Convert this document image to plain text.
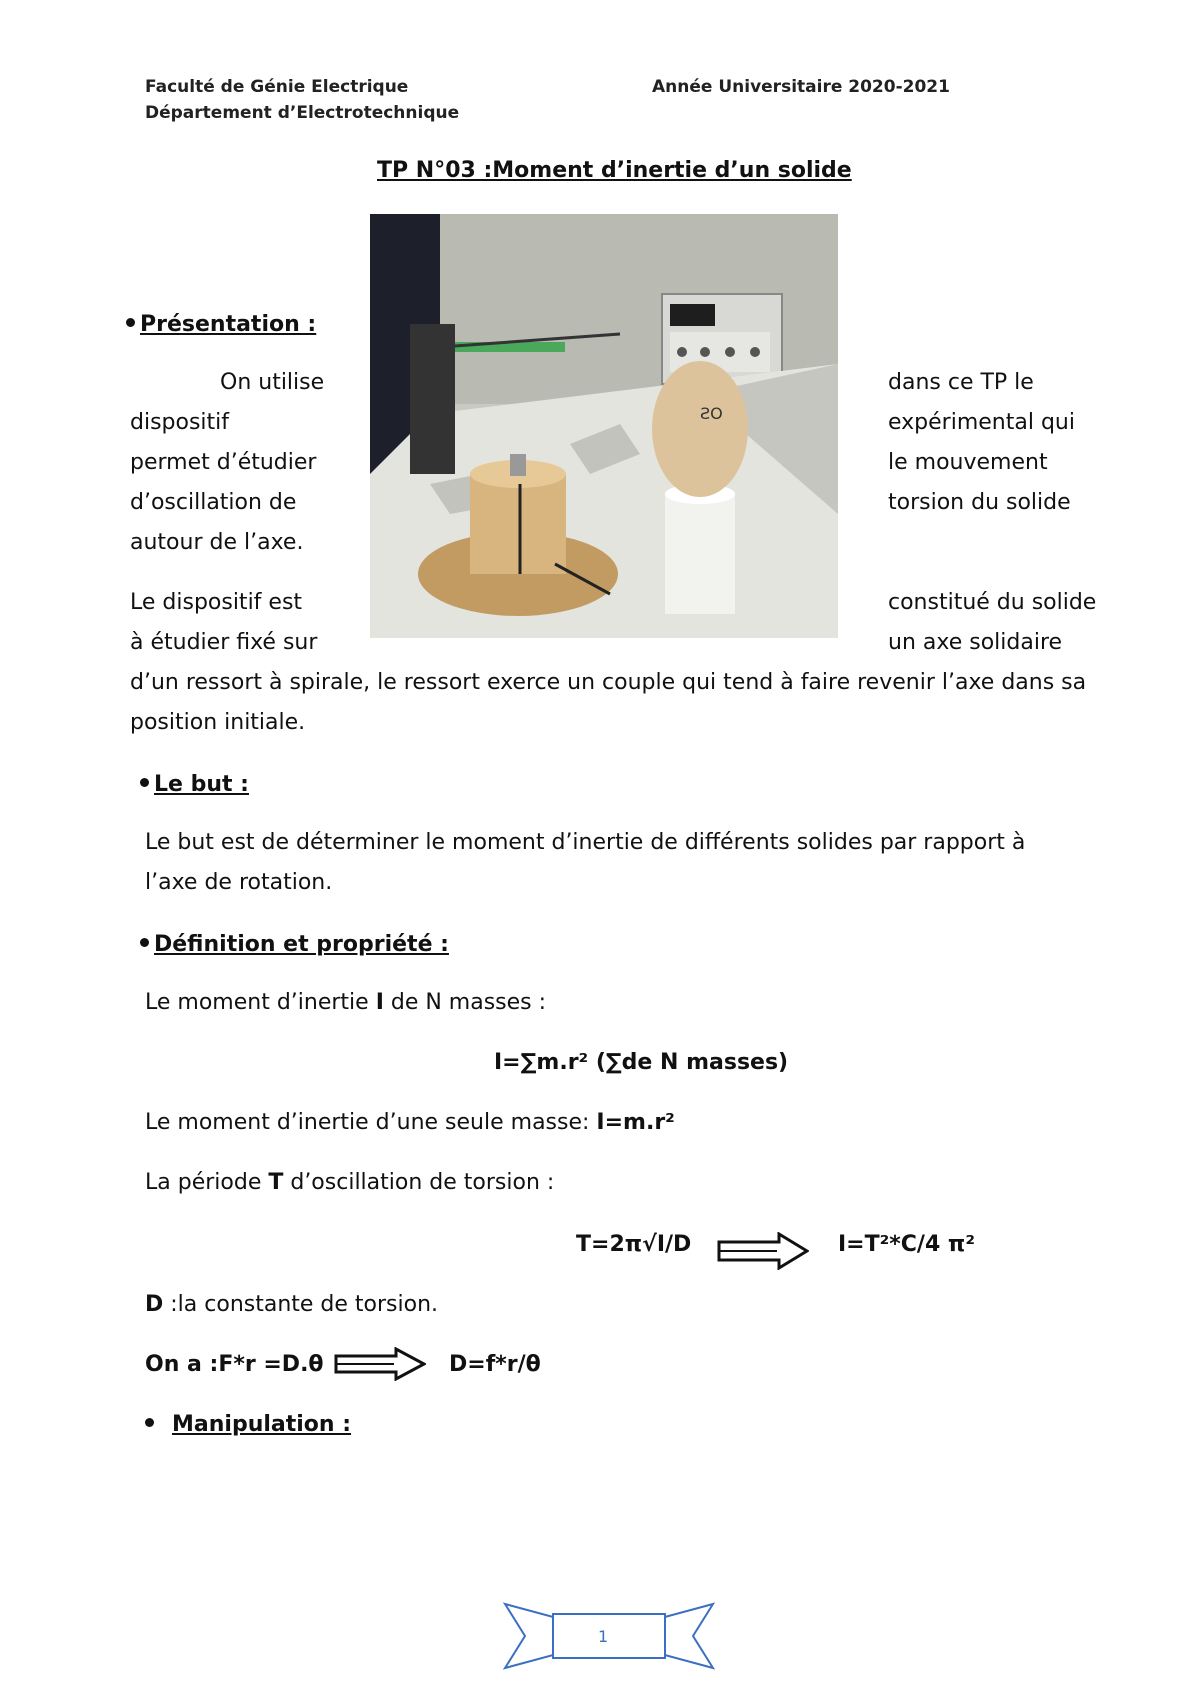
Faculté de Génie Electrique
Département d’Electrotechnique
Année Universitaire 2020-2021
TP N°03 :Moment d’inertie d’un solide
ƧО
Présentation :
On utilise
dispositif
permet d’étudier
d’oscillation de
autour de l’axe.
dans ce TP le
expérimental qui
le mouvement
torsion du solide
Le dispositif est
à étudier fixé sur
constitué du solide
un axe solidaire
d’un ressort à spirale, le ressort exerce un couple qui tend à faire revenir l’axe dans sa
position initiale.
Le but :
Le but est de déterminer le moment d’inertie de différents solides par rapport à
l’axe de rotation.
Définition et propriété :
Le moment d’inertie I de N masses :
I=∑m.r² (∑de N masses)
Le moment d’inertie d’une seule masse: I=m.r²
La période T d’oscillation de torsion :
T=2π√I/D	I=T²*C/4 π²
D :la constante de torsion.
On a :F*r =D.θ	D=f*r/θ
Manipulation :
1
